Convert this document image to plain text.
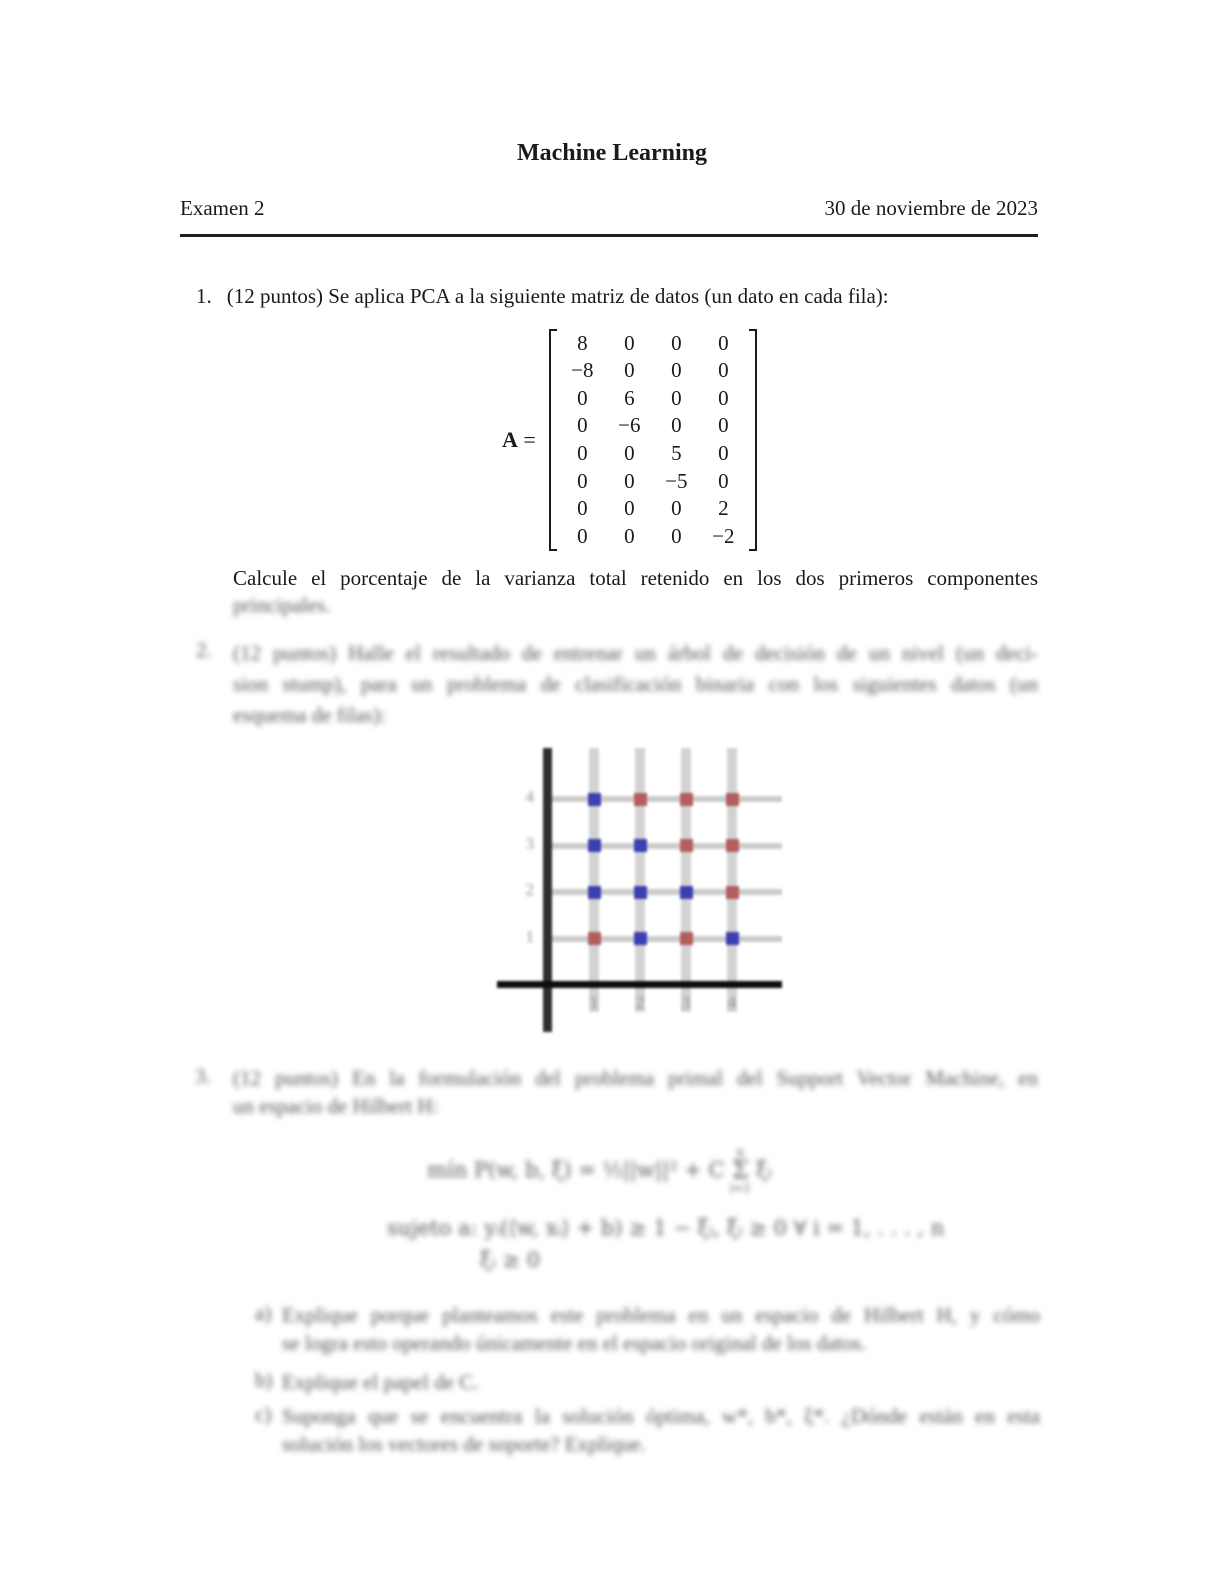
Machine Learning
Examen 2	30 de noviembre de 2023
1. (12 puntos) Se aplica PCA a la siguiente matriz de datos (un dato en cada fila):
A =
8	0	0	0
−8	0	0	0
0	6	0	0
0	−6	0	0
0	0	5	0
0	0	−5	0
0	0	0	2
0	0	0	−2
Calcule el porcentaje de la varianza total retenido en los dos primeros componentes
principales.
2. (12 puntos) Halle el resultado de entrenar un árbol de decisión de un nivel (un deci-
sion stump), para un problema de clasificación binaria con los siguientes datos (un
esquema de filas):
1 2 3 4
1
2
3
4
3. (12 puntos) En la formulación del problema primal del Support Vector Machine, en
un espacio de Hilbert H:
mín P(w, b, ξ) = ½||w||² + C
n
Σ
i=1
ξᵢ
sujeto a: yᵢ(⟨w, xᵢ⟩ + b) ≥ 1 − ξᵢ, ξᵢ ≥ 0 ∀ i = 1, . . . , n
ξᵢ ≥ 0
a) Explique porque planteamos este problema en un espacio de Hilbert H, y cómo
se logra esto operando únicamente en el espacio original de los datos.
b) Explique el papel de C.
c) Suponga que se encuentra la solución óptima, w*, b*, ξ*. ¿Dónde están en esta
solución los vectores de soporte? Explique.
